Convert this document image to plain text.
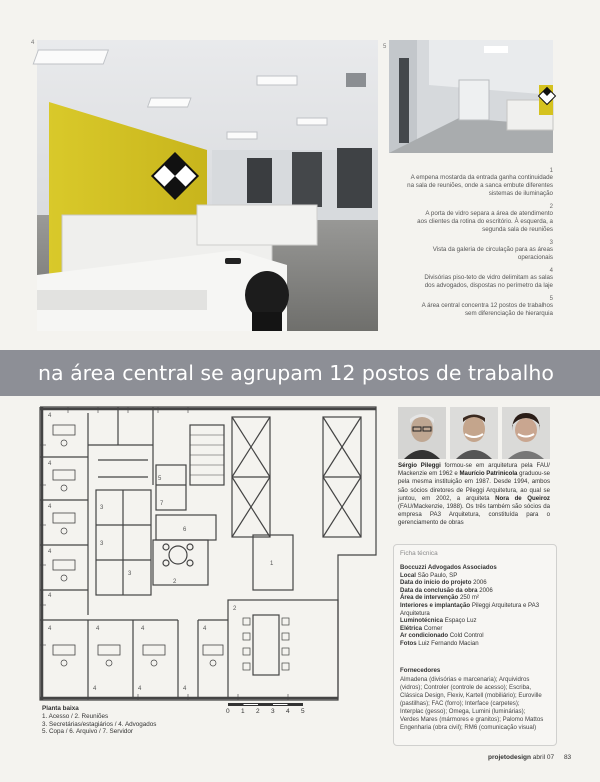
4
5
1
A empena mostarda da entrada ganha continuidade
na sala de reuniões, onde a sanca embute diferentes
sistemas de iluminação
2
A porta de vidro separa a área de atendimento
aos clientes da rotina do escritório. À esquerda, a
segunda sala de reuniões
3
Vista da galeria de circulação para as áreas
operacionais
4
Divisórias piso-teto de vidro delimitam as salas
dos advogados, dispostas no perímetro da laje
5
A área central concentra 12 postos de trabalhos
sem diferenciação de hierarquia
na área central se agrupam 12 postos de trabalho
4
4
4
4
4	4	4	4
4
3
3
3
2
2
1
5
6
7
4	4	4
0 1 2 3 4 5
Planta baixa
1. Acesso / 2. Reuniões
3. Secretárias/estagiários / 4. Advogados
5. Copa / 6. Arquivo / 7. Servidor
Sérgio Pileggi formou-se em arquitetura pela FAU/ Mackenzie em 1962 e Maurício Patrinicola graduou-se pela mesma instituição em 1987. Desde 1994, ambos são sócios diretores de Pileggi Arquitetura, ao qual se juntou, em 2002, a arquiteta Nora de Queiroz (FAU/Mackenzie, 1988). Os três também são sócios da empresa PA3 Arquitetura, constituída para o gerenciamento de obras
Ficha técnica
Boccuzzi Advogados Associados
Local São Paulo, SP
Data do início do projeto 2006
Data da conclusão da obra 2006
Área de intervenção 250 m²
Interiores e implantação Pileggi Arquitetura e PA3
Arquitetura
Luminotécnica Espaço Luz
Elétrica Corner
Ar condicionado Cold Control
Fotos Luiz Fernando Macian
Fornecedores
Almadena (divisórias e marcenaria); Arquividros
(vidros); Controler (controle de acesso); Escriba,
Clássica Design, Flexiv, Kartell (mobiliário); Euroville
(pastilhas); FAC (forro); Interface (carpetes);
Interplac (gesso); Omega, Lumini (luminárias);
Verdes Mares (mármores e granitos); Palomo Mattos
Engenharia (obra civil); RM6 (comunicação visual)
projetodesign abril 07 83
